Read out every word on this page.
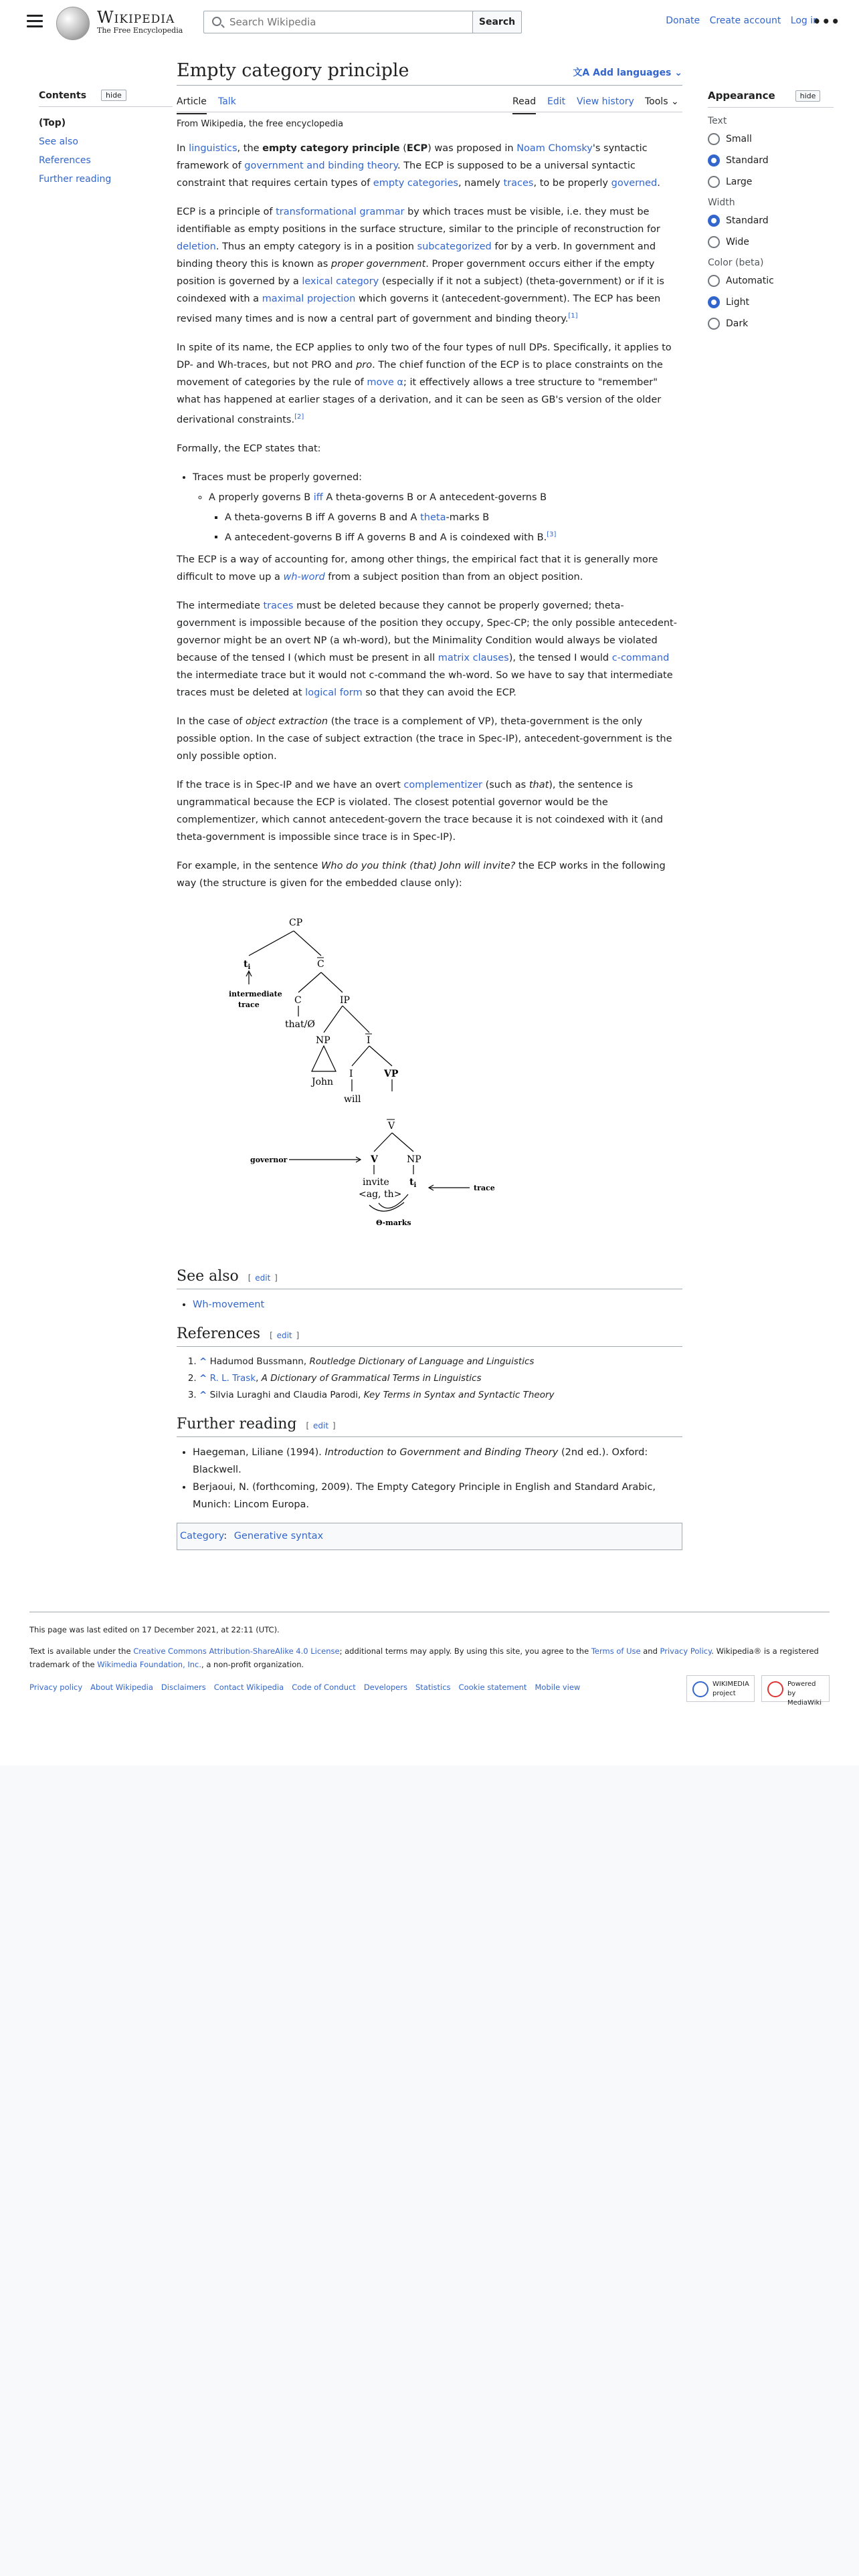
Wikipedia
The Free Encyclopedia
Search Wikipedia
Search	Donate Create account Log in
•••
Contents	hide
(Top)
See also
References
Further reading
Appearance	hide
Text
Small
Standard
Large
Width
Standard
Wide
Color (beta)
Automatic
Light
Dark
Empty category principle	文A Add languages ⌄
Article Talk	Read Edit View history Tools ⌄
From Wikipedia, the free encyclopedia

In linguistics, the empty category principle (ECP) was proposed in Noam Chomsky's syntactic framework of government and binding theory. The ECP is supposed to be a universal syntactic constraint that requires certain types of empty categories, namely traces, to be properly governed.

ECP is a principle of transformational grammar by which traces must be visible, i.e. they must be identifiable as empty positions in the surface structure, similar to the principle of reconstruction for deletion. Thus an empty category is in a position subcategorized for by a verb. In government and binding theory this is known as proper government. Proper government occurs either if the empty position is governed by a lexical category (especially if it not a subject) (theta-government) or if it is coindexed with a maximal projection which governs it (antecedent-government). The ECP has been revised many times and is now a central part of government and binding theory.[1]

In spite of its name, the ECP applies to only two of the four types of null DPs. Specifically, it applies to DP- and Wh-traces, but not PRO and pro. The chief function of the ECP is to place constraints on the movement of categories by the rule of move α; it effectively allows a tree structure to "remember" what has happened at earlier stages of a derivation, and it can be seen as GB's version of the older derivational constraints.[2]

Formally, the ECP states that:

• Traces must be properly governed:
◦ A properly governs B iff A theta-governs B or A antecedent-governs B
▪ A theta-governs B iff A governs B and A theta-marks B
▪ A antecedent-governs B iff A governs B and A is coindexed with B.[3]

The ECP is a way of accounting for, among other things, the empirical fact that it is generally more difficult to move up a wh-word from a subject position than from an object position.

The intermediate traces must be deleted because they cannot be properly governed; theta-government is impossible because of the position they occupy, Spec-CP; the only possible antecedent-governor might be an overt NP (a wh-word), but the Minimality Condition would always be violated because of the tensed I (which must be present in all matrix clauses), the tensed I would c-command the intermediate trace but it would not c-command the wh-word. So we have to say that intermediate traces must be deleted at logical form so that they can avoid the ECP.

In the case of object extraction (the trace is a complement of VP), theta-government is the only possible option. In the case of subject extraction (the trace in Spec-IP), antecedent-government is the only possible option.

If the trace is in Spec-IP and we have an overt complementizer (such as that), the sentence is ungrammatical because the ECP is violated. The closest potential governor would be the complementizer, which cannot antecedent-govern the trace because it is not coindexed with it (and theta-government is impossible since trace is in Spec-IP).

For example, in the sentence Who do you think (that) John will invite? the ECP works in the following way (the structure is given for the embedded clause only):

CP
$t_i$	C
intermediate
trace	C	IP
that/Ø
NP	I
John
I	VP
will
V
V	NP
governor
invite $t_i$
<ag, th>
trace
Θ-marks
See also [ edit ]
• Wh-movement
References [ edit ]
1. ^ Hadumod Bussmann, Routledge Dictionary of Language and Linguistics
2. ^ R. L. Trask, A Dictionary of Grammatical Terms in Linguistics
3. ^ Silvia Luraghi and Claudia Parodi, Key Terms in Syntax and Syntactic Theory
Further reading [ edit ]
• Haegeman, Liliane (1994). Introduction to Government and Binding Theory (2nd ed.). Oxford: Blackwell.
• Berjaoui, N. (forthcoming, 2009). The Empty Category Principle in English and Standard Arabic, Munich: Lincom Europa.
Category: Generative syntax
This page was last edited on 17 December 2021, at 22:11 (UTC).
Text is available under the Creative Commons Attribution-ShareAlike 4.0 License; additional terms may apply. By using this site, you agree to the Terms of Use and Privacy Policy. Wikipedia® is a registered trademark of the Wikimedia Foundation, Inc., a non-profit organization.
Privacy policy About Wikipedia Disclaimers Contact Wikipedia Code of Conduct Developers Statistics Cookie statement Mobile view	WIKIMEDIA project
Powered by MediaWiki
